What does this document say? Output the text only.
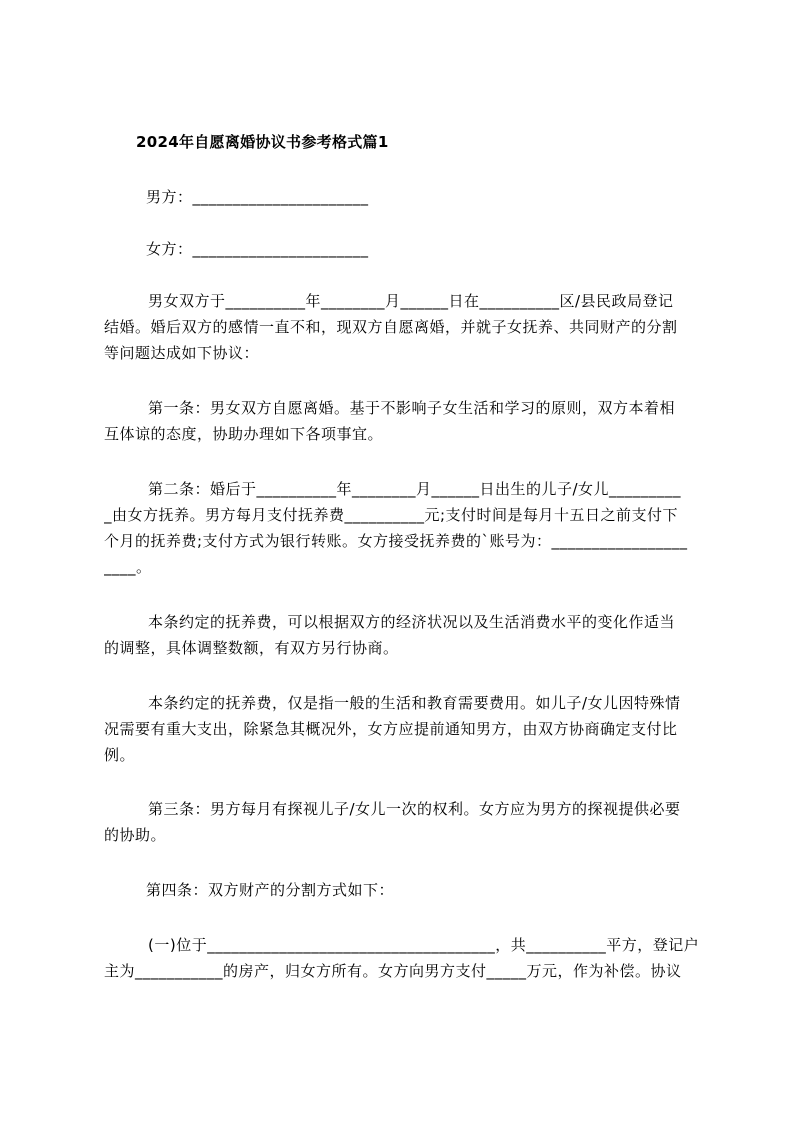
2024年自愿离婚协议书参考格式篇1
男方：______________________
女方：______________________
男女双方于__________年________月______日在__________区/县民政局登记
结婚。婚后双方的感情一直不和，现双方自愿离婚，并就子女抚养、共同财产的分割
等问题达成如下协议：
第一条：男女双方自愿离婚。基于不影响子女生活和学习的原则，双方本着相
互体谅的态度，协助办理如下各项事宜。
第二条：婚后于__________年________月______日出生的儿子/女儿_________
_由女方抚养。男方每月支付抚养费__________元;支付时间是每月十五日之前支付下
个月的抚养费;支付方式为银行转账。女方接受抚养费的`账号为：_________________
____。
本条约定的抚养费，可以根据双方的经济状况以及生活消费水平的变化作适当
的调整，具体调整数额，有双方另行协商。
本条约定的抚养费，仅是指一般的生活和教育需要费用。如儿子/女儿因特殊情
况需要有重大支出，除紧急其概况外，女方应提前通知男方，由双方协商确定支付比
例。
第三条：男方每月有探视儿子/女儿一次的权利。女方应为男方的探视提供必要
的协助。
第四条：双方财产的分割方式如下：
(一)位于____________________________________，共__________平方，登记户
主为___________的房产，归女方所有。女方向男方支付_____万元，作为补偿。协议
